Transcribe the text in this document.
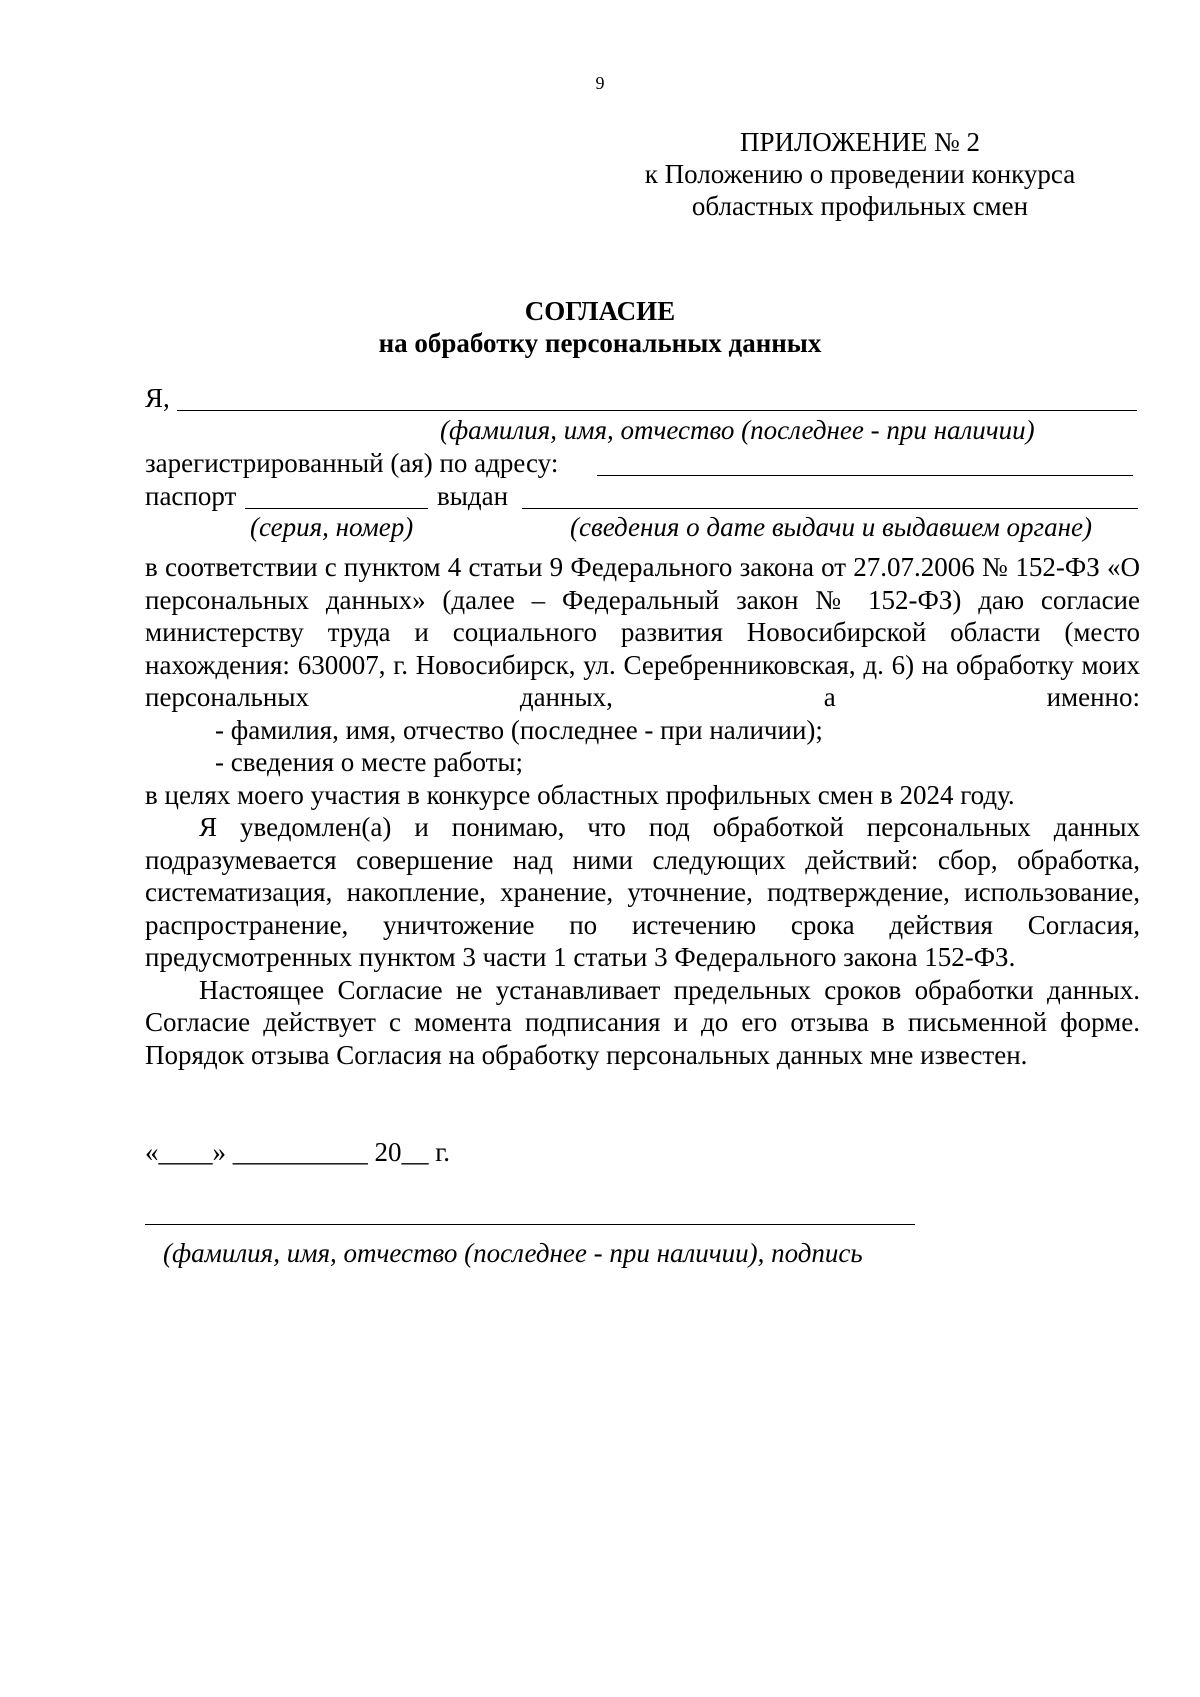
9
ПРИЛОЖЕНИЕ № 2
к Положению о проведении конкурса
областных профильных смен
СОГЛАСИЕ
на обработку персональных данных
Я,
(фамилия, имя, отчество (последнее - при наличии)
зарегистрированный (ая) по адресу:
паспорт	выдан
(серия, номер)	(сведения о дате выдачи и выдавшем органе)

в соответствии с пунктом 4 статьи 9 Федерального закона от 27.07.2006 № 152-ФЗ «О персональных данных» (далее – Федеральный закон № 152-ФЗ) даю согласие министерству труда и социального развития Новосибирской области (место нахождения: 630007, г. Новосибирск, ул. Серебренниковская, д. 6) на обработку моих персональных данных, а именно:

- фамилия, имя, отчество (последнее - при наличии);

- сведения о месте работы;

в целях моего участия в конкурсе областных профильных смен в 2024 году.

Я уведомлен(а) и понимаю, что под обработкой персональных данных подразумевается совершение над ними следующих действий: сбор, обработка, систематизация, накопление, хранение, уточнение, подтверждение, использование, распространение, уничтожение по истечению срока действия Согласия, предусмотренных пунктом 3 части 1 статьи 3 Федерального закона 152-ФЗ.

Настоящее Согласие не устанавливает предельных сроков обработки данных. Согласие действует с момента подписания и до его отзыва в письменной форме. Порядок отзыва Согласия на обработку персональных данных мне известен.

«____» __________ 20__ г.
(фамилия, имя, отчество (последнее - при наличии), подпись
